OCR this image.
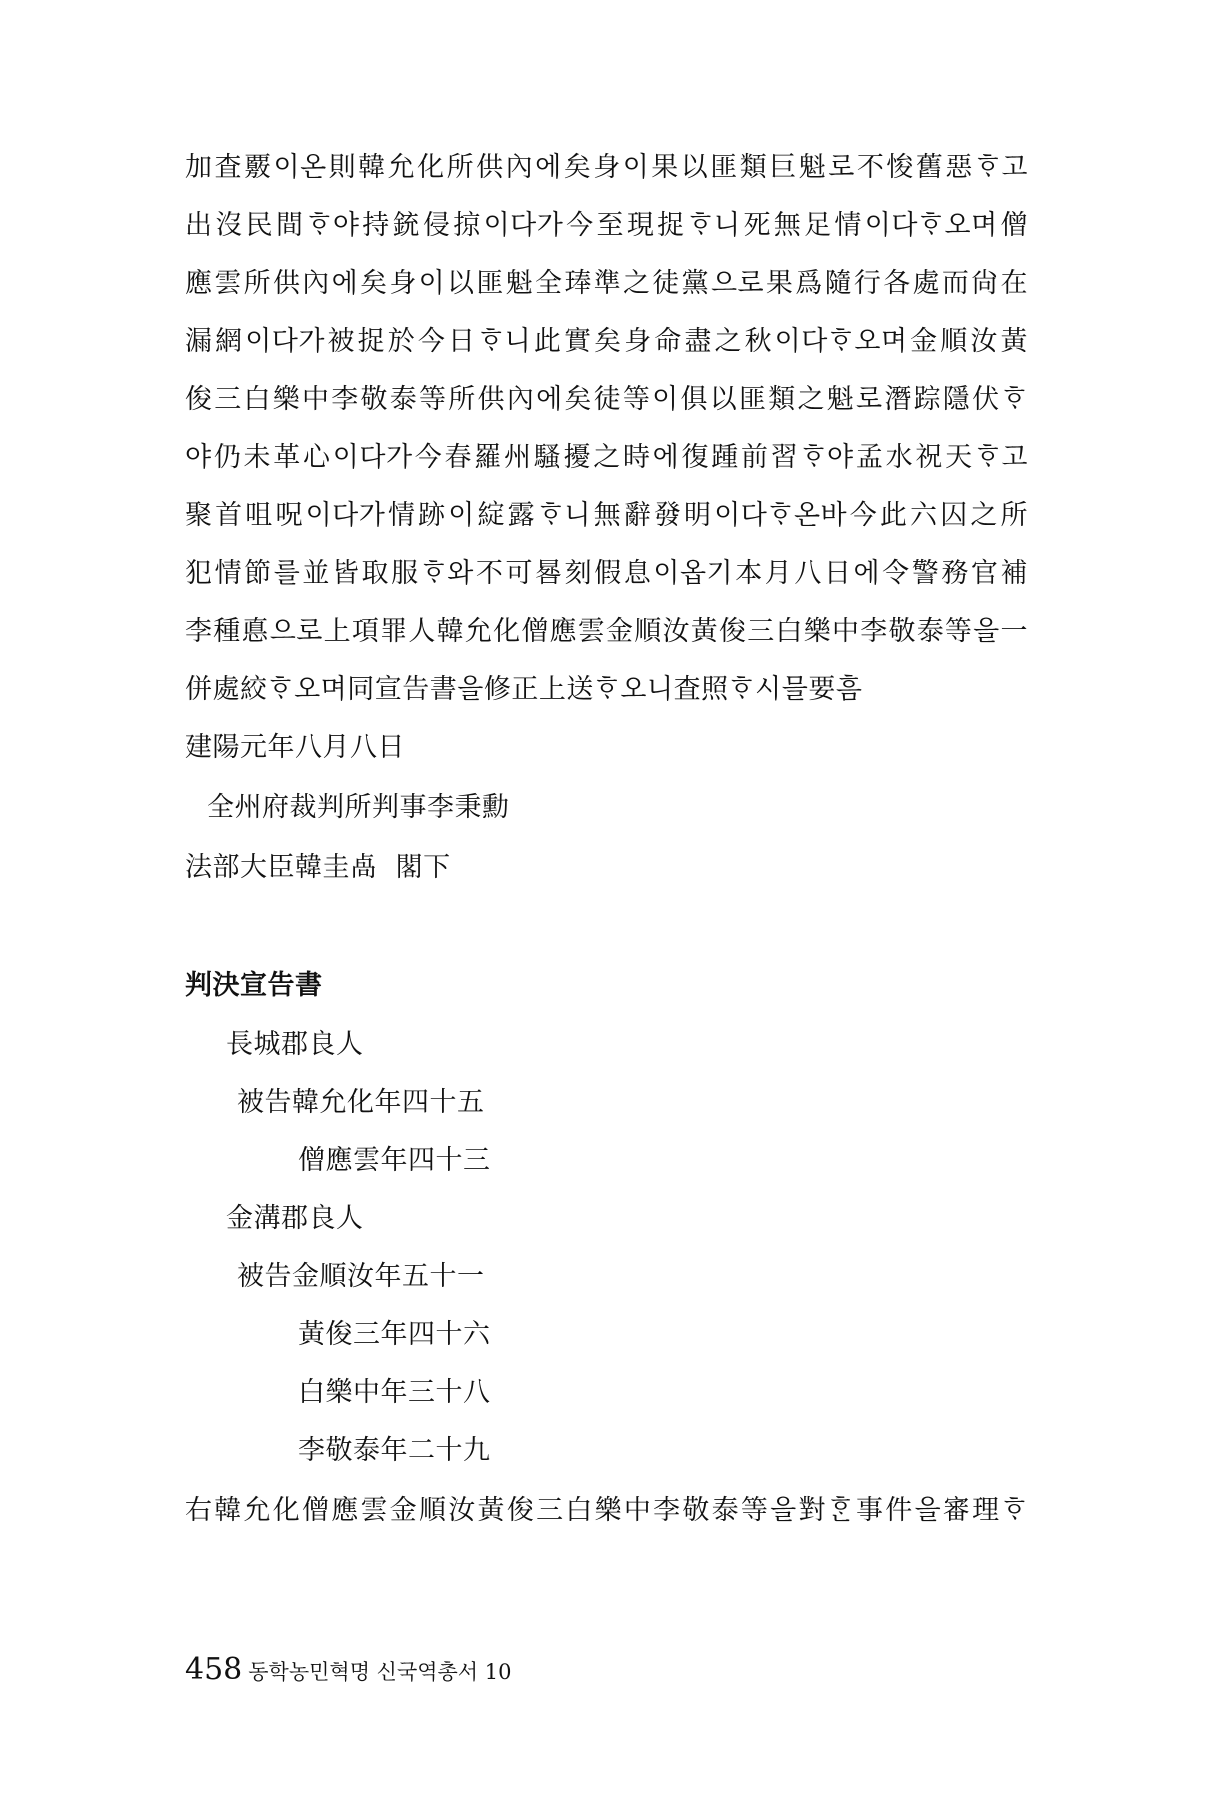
加査覈이온則韓允化所供內에矣身이果以匪類巨魁로不悛舊惡ᄒᆞ고
出沒民間ᄒᆞ야持銃侵掠이다가今至現捉ᄒᆞ니死無足情이다ᄒᆞ오며僧
應雲所供內에矣身이以匪魁全琫準之徒黨으로果爲隨行各處而尙在
漏網이다가被捉於今日ᄒᆞ니此實矣身命盡之秋이다ᄒᆞ오며金順汝黃
俊三白樂中李敬泰等所供內에矣徒等이俱以匪類之魁로潛踪隱伏ᄒᆞ
야仍未革心이다가今春羅州騷擾之時에復踵前習ᄒᆞ야孟水祝天ᄒᆞ고
聚首咀呪이다가情跡이綻露ᄒᆞ니無辭發明이다ᄒᆞ온바今此六囚之所
犯情節를並皆取服ᄒᆞ와不可晷刻假息이옵기本月八日에令警務官補
李種悳으로上項罪人韓允化僧應雲金順汝黃俊三白樂中李敬泰等을一
併處絞ᄒᆞ오며同宣告書을修正上送ᄒᆞ오니査照ᄒᆞ시믈要흠
建陽元年八月八日
全州府裁判所判事李秉勳
法部大臣韓圭卨  閣下
判決宣告書
長城郡良人
被告韓允化年四十五
僧應雲年四十三
金溝郡良人
被告金順汝年五十一
黃俊三年四十六
白樂中年三十八
李敬泰年二十九
右韓允化僧應雲金順汝黃俊三白樂中李敬泰等을對ᄒᆞᆫ事件을審理ᄒᆞ
458 동학농민혁명 신국역총서 10
